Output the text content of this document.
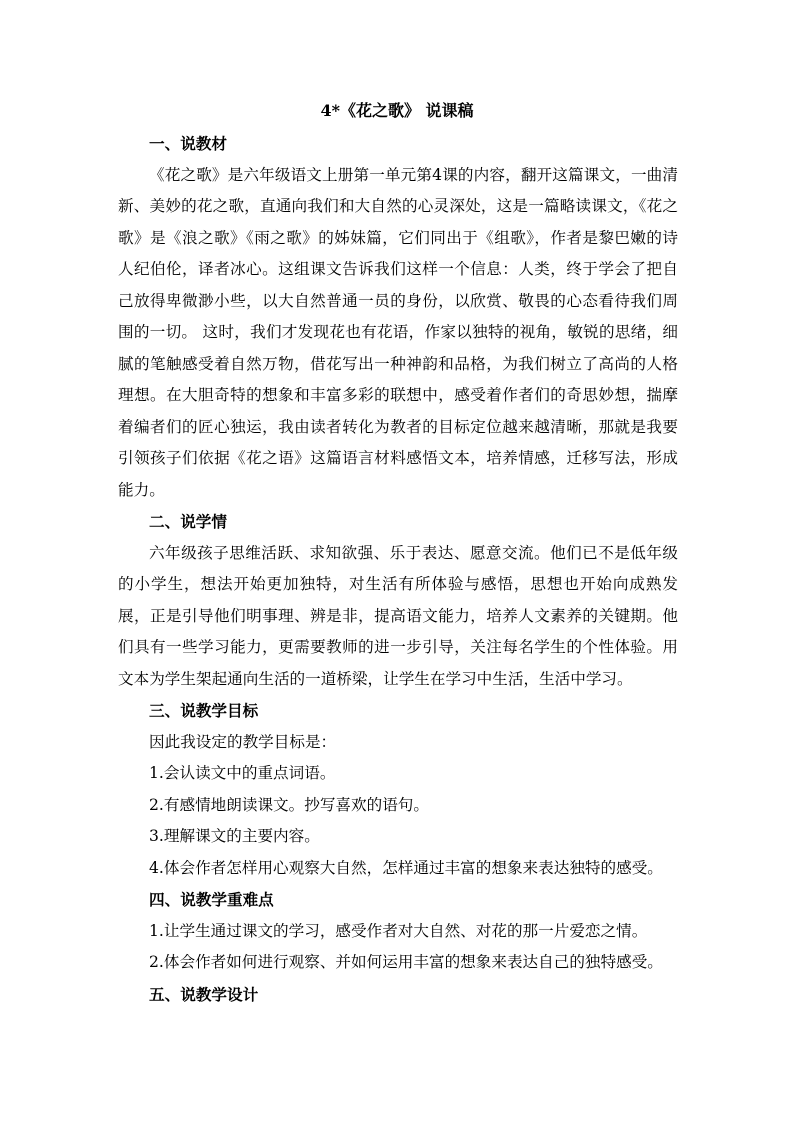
4*《花之歌》 说课稿

一、说教材

《花之歌》是六年级语文上册第一单元第4课的内容，翻开这篇课文，一曲清新、美妙的花之歌，直通向我们和大自然的心灵深处，这是一篇略读课文，《花之歌》是《浪之歌》《雨之歌》的姊妹篇，它们同出于《组歌》，作者是黎巴嫩的诗人纪伯伦，译者冰心。这组课文告诉我们这样一个信息：人类，终于学会了把自己放得卑微渺小些，以大自然普通一员的身份，以欣赏、敬畏的心态看待我们周围的一切。 这时，我们才发现花也有花语，作家以独特的视角，敏锐的思绪，细腻的笔触感受着自然万物，借花写出一种神韵和品格，为我们树立了高尚的人格理想。在大胆奇特的想象和丰富多彩的联想中，感受着作者们的奇思妙想，揣摩着编者们的匠心独运，我由读者转化为教者的目标定位越来越清晰，那就是我要引领孩子们依据《花之语》这篇语言材料感悟文本，培养情感，迁移写法，形成能力。

二、说学情

六年级孩子思维活跃、求知欲强、乐于表达、愿意交流。他们已不是低年级的小学生，想法开始更加独特，对生活有所体验与感悟，思想也开始向成熟发展，正是引导他们明事理、辨是非，提高语文能力，培养人文素养的关键期。他们具有一些学习能力，更需要教师的进一步引导，关注每名学生的个性体验。用文本为学生架起通向生活的一道桥梁，让学生在学习中生活，生活中学习。

三、说教学目标

因此我设定的教学目标是：

1.会认读文中的重点词语。

2.有感情地朗读课文。抄写喜欢的语句。

3.理解课文的主要内容。

4.体会作者怎样用心观察大自然，怎样通过丰富的想象来表达独特的感受。

四、说教学重难点

1.让学生通过课文的学习，感受作者对大自然、对花的那一片爱恋之情。

2.体会作者如何进行观察、并如何运用丰富的想象来表达自己的独特感受。

五、说教学设计
